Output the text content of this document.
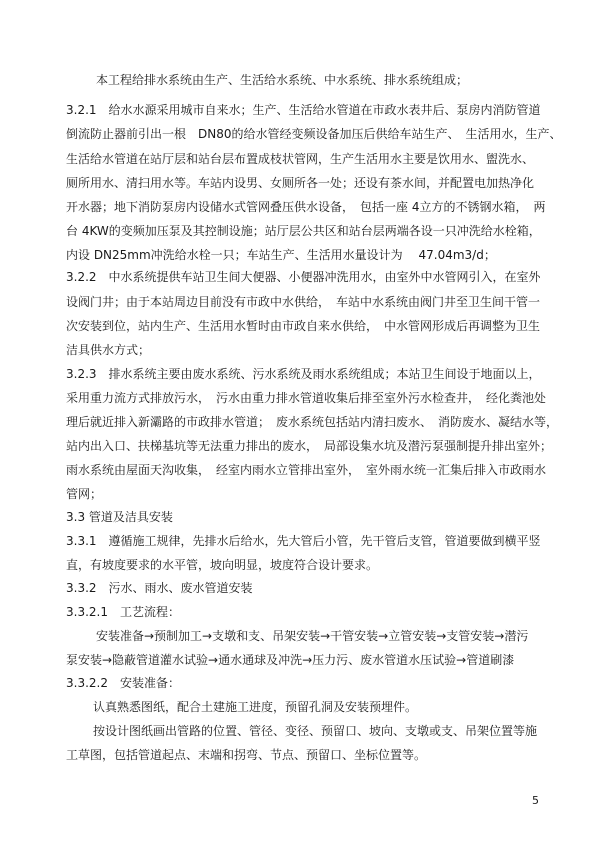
本工程给排水系统由生产、生活给水系统、中水系统、排水系统组成；
3.2.1　给水水源采用城市自来水；生产、生活给水管道在市政水表井后、泵房内消防管道
倒流防止器前引出一根　DN80的给水管经变频设备加压后供给车站生产、　生活用水，生产、
生活给水管道在站厅层和站台层布置成枝状管网，生产生活用水主要是饮用水、盥洗水、
厕所用水、清扫用水等。车站内设男、女厕所各一处；还设有茶水间，并配置电加热净化
开水器；地下消防泵房内设储水式管网叠压供水设备，　包括一座 4立方的不锈钢水箱，　两
台 4KW的变频加压泵及其控制设施；站厅层公共区和站台层两端各设一只冲洗给水栓箱，
内设 DN25mm冲洗给水栓一只；车站生产、生活用水量设计为　 47.04m3/d；
3.2.2　中水系统提供车站卫生间大便器、小便器冲洗用水，由室外中水管网引入，在室外
设阀门井；由于本站周边目前没有市政中水供给，　车站中水系统由阀门井至卫生间干管一
次安装到位，站内生产、生活用水暂时由市政自来水供给，　中水管网形成后再调整为卫生
洁具供水方式；
3.2.3　排水系统主要由废水系统、污水系统及雨水系统组成；本站卫生间设于地面以上，
采用重力流方式排放污水，　污水由重力排水管道收集后排至室外污水检查井，　经化粪池处
理后就近排入新灞路的市政排水管道；　废水系统包括站内清扫废水、　消防废水、凝结水等，
站内出入口、扶梯基坑等无法重力排出的废水，　局部设集水坑及潜污泵强制提升排出室外；
雨水系统由屋面天沟收集，　经室内雨水立管排出室外，　室外雨水统一汇集后排入市政雨水
管网；
3.3 管道及洁具安装
3.3.1　遵循施工规律，先排水后给水，先大管后小管，先干管后支管，管道要做到横平竖
直，有坡度要求的水平管，坡向明显，坡度符合设计要求。
3.3.2　污水、雨水、废水管道安装
3.3.2.1　工艺流程：
安装准备→预制加工→支墩和支、吊架安装→干管安装→立管安装→支管安装→潜污
泵安装→隐蔽管道灌水试验→通水通球及冲洗→压力污、废水管道水压试验→管道刷漆
3.3.2.2　安装准备：
认真熟悉图纸，配合土建施工进度，预留孔洞及安装预埋件。
按设计图纸画出管路的位置、管径、变径、预留口、坡向、支墩或支、吊架位置等施
工草图，包括管道起点、末端和拐弯、节点、预留口、坐标位置等。
5
